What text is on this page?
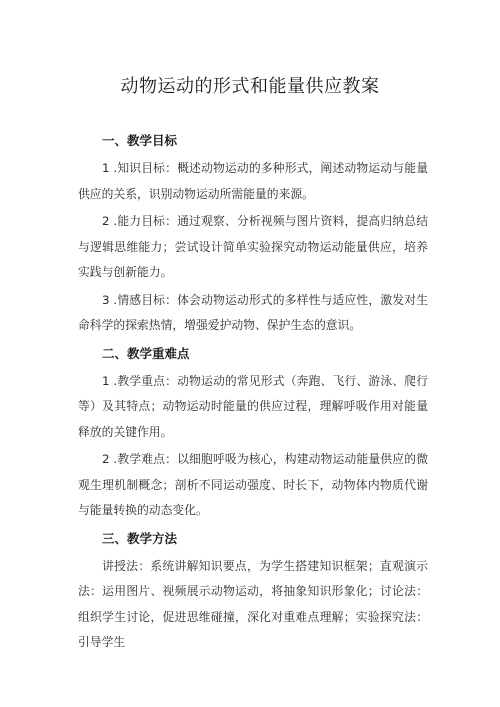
动物运动的形式和能量供应教案
一、教学目标

1 .知识目标：概述动物运动的多种形式，阐述动物运动与能量供应的关系，识别动物运动所需能量的来源。

2 .能力目标：通过观察、分析视频与图片资料，提高归纳总结与逻辑思维能力；尝试设计简单实验探究动物运动能量供应，培养实践与创新能力。

3 .情感目标：体会动物运动形式的多样性与适应性，激发对生命科学的探索热情，增强爱护动物、保护生态的意识。

二、教学重难点

1 .教学重点：动物运动的常见形式（奔跑、飞行、游泳、爬行等）及其特点；动物运动时能量的供应过程，理解呼吸作用对能量释放的关键作用。

2 .教学难点：以细胞呼吸为核心，构建动物运动能量供应的微观生理机制概念；剖析不同运动强度、时长下，动物体内物质代谢与能量转换的动态变化。

三、教学方法

讲授法：系统讲解知识要点，为学生搭建知识框架；直观演示法：运用图片、视频展示动物运动，将抽象知识形象化；讨论法：组织学生讨论，促进思维碰撞，深化对重难点理解；实验探究法：引导学生
